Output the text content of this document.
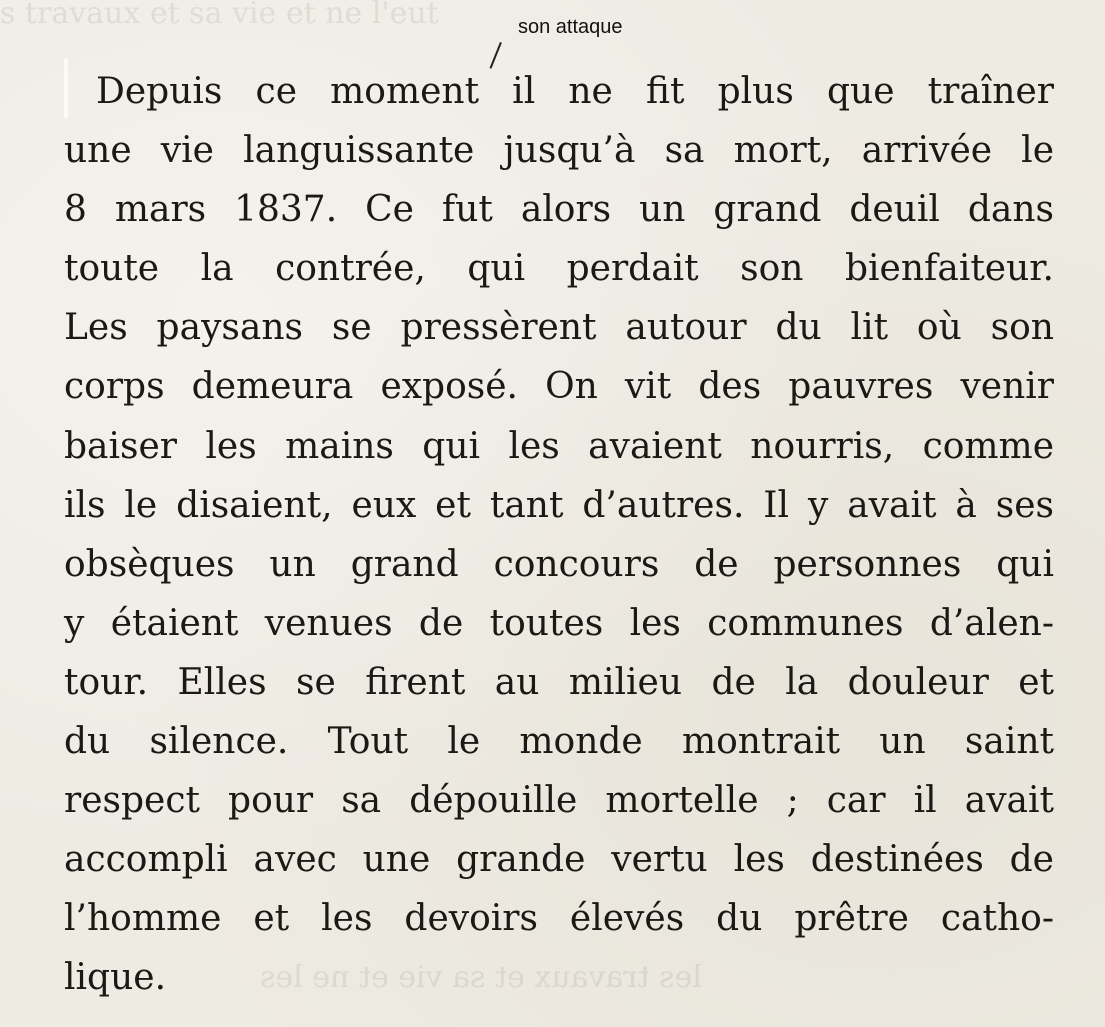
s travaux et sa vie et ne l'eut
les travaux et sa vie et ne les
son attaque
Depuis ce moment il ne fit plus que traîner
une vie languissante jusqu’à sa mort, arrivée le
8 mars 1837. Ce fut alors un grand deuil dans
toute la contrée, qui perdait son bienfaiteur.
Les paysans se pressèrent autour du lit où son
corps demeura exposé. On vit des pauvres venir
baiser les mains qui les avaient nourris, comme
ils le disaient, eux et tant d’autres. Il y avait à ses
obsèques un grand concours de personnes qui
y étaient venues de toutes les communes d’alen-
tour. Elles se firent au milieu de la douleur et
du silence. Tout le monde montrait un saint
respect pour sa dépouille mortelle ; car il avait
accompli avec une grande vertu les destinées de
l’homme et les devoirs élevés du prêtre catho-
lique.
